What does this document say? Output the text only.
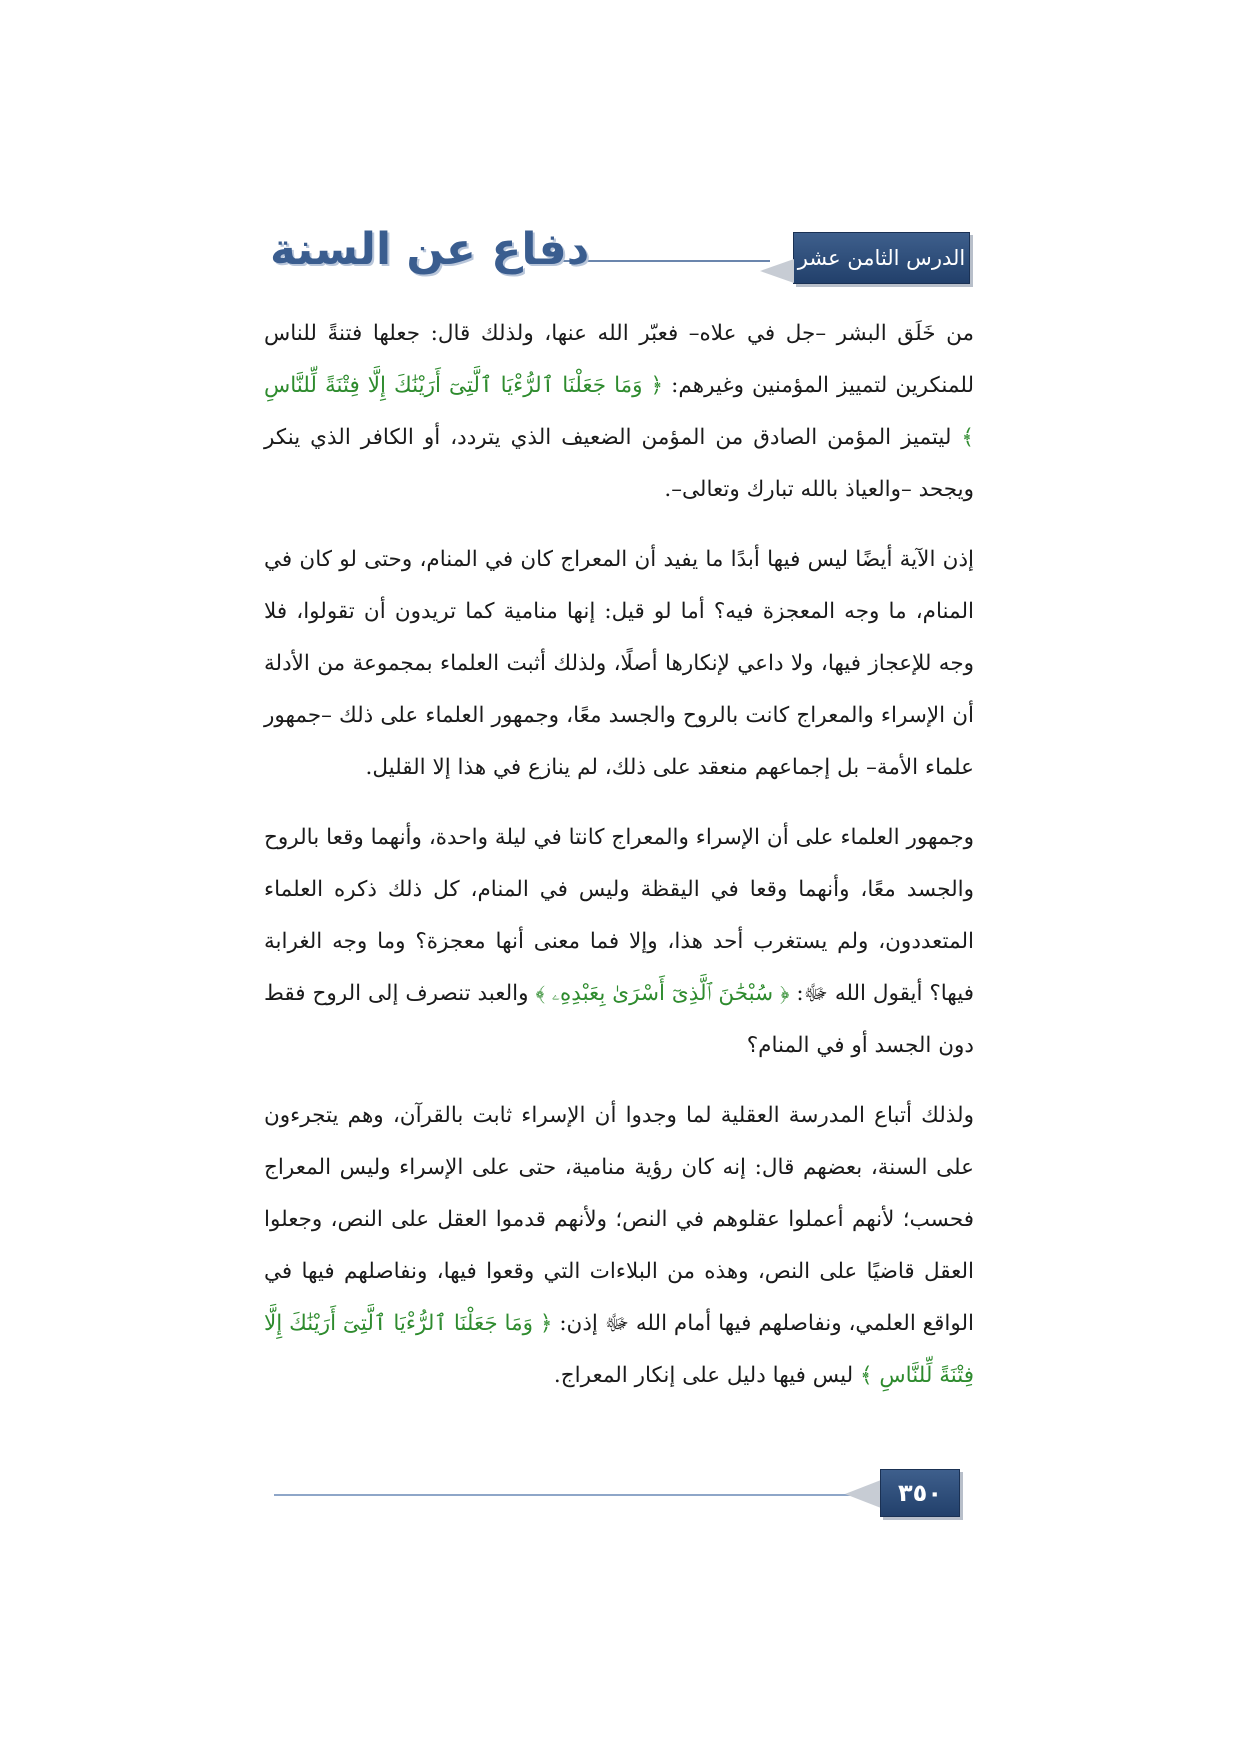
الدرس الثامن عشر
دفاع عن السنة

من خَلَق البشر –جل في علاه– فعبّر الله عنها، ولذلك قال: جعلها فتنةً للناس للمنكرين لتمييز المؤمنين وغيرهم: ﴿ وَمَا جَعَلْنَا ٱلرُّءْيَا ٱلَّتِىٓ أَرَيْنَٰكَ إِلَّا فِتْنَةً لِّلنَّاسِ ﴾ ليتميز المؤمن الصادق من المؤمن الضعيف الذي يتردد، أو الكافر الذي ينكر ويجحد –والعياذ بالله تبارك وتعالى–.

إذن الآية أيضًا ليس فيها أبدًا ما يفيد أن المعراج كان في المنام، وحتى لو كان في المنام، ما وجه المعجزة فيه؟ أما لو قيل: إنها منامية كما تريدون أن تقولوا، فلا وجه للإعجاز فيها، ولا داعي لإنكارها أصلًا، ولذلك أثبت العلماء بمجموعة من الأدلة أن الإسراء والمعراج كانت بالروح والجسد معًا، وجمهور العلماء على ذلك –جمهور علماء الأمة– بل إجماعهم منعقد على ذلك، لم ينازع في هذا إلا القليل.

وجمهور العلماء على أن الإسراء والمعراج كانتا في ليلة واحدة، وأنهما وقعا بالروح والجسد معًا، وأنهما وقعا في اليقظة وليس في المنام، كل ذلك ذكره العلماء المتعددون، ولم يستغرب أحد هذا، وإلا فما معنى أنها معجزة؟ وما وجه الغرابة فيها؟ أيقول الله ﷻ: ﴿ سُبْحَٰنَ ٱلَّذِىٓ أَسْرَىٰ بِعَبْدِهِۦ ﴾ والعبد تنصرف إلى الروح فقط دون الجسد أو في المنام؟

ولذلك أتباع المدرسة العقلية لما وجدوا أن الإسراء ثابت بالقرآن، وهم يتجرءون على السنة، بعضهم قال: إنه كان رؤية منامية، حتى على الإسراء وليس المعراج فحسب؛ لأنهم أعملوا عقلوهم في النص؛ ولأنهم قدموا العقل على النص، وجعلوا العقل قاضيًا على النص، وهذه من البلاءات التي وقعوا فيها، ونفاصلهم فيها في الواقع العلمي، ونفاصلهم فيها أمام الله ﷻ إذن: ﴿ وَمَا جَعَلْنَا ٱلرُّءْيَا ٱلَّتِىٓ أَرَيْنَٰكَ إِلَّا فِتْنَةً لِّلنَّاسِ ﴾ ليس فيها دليل على إنكار المعراج.

٣٥٠
